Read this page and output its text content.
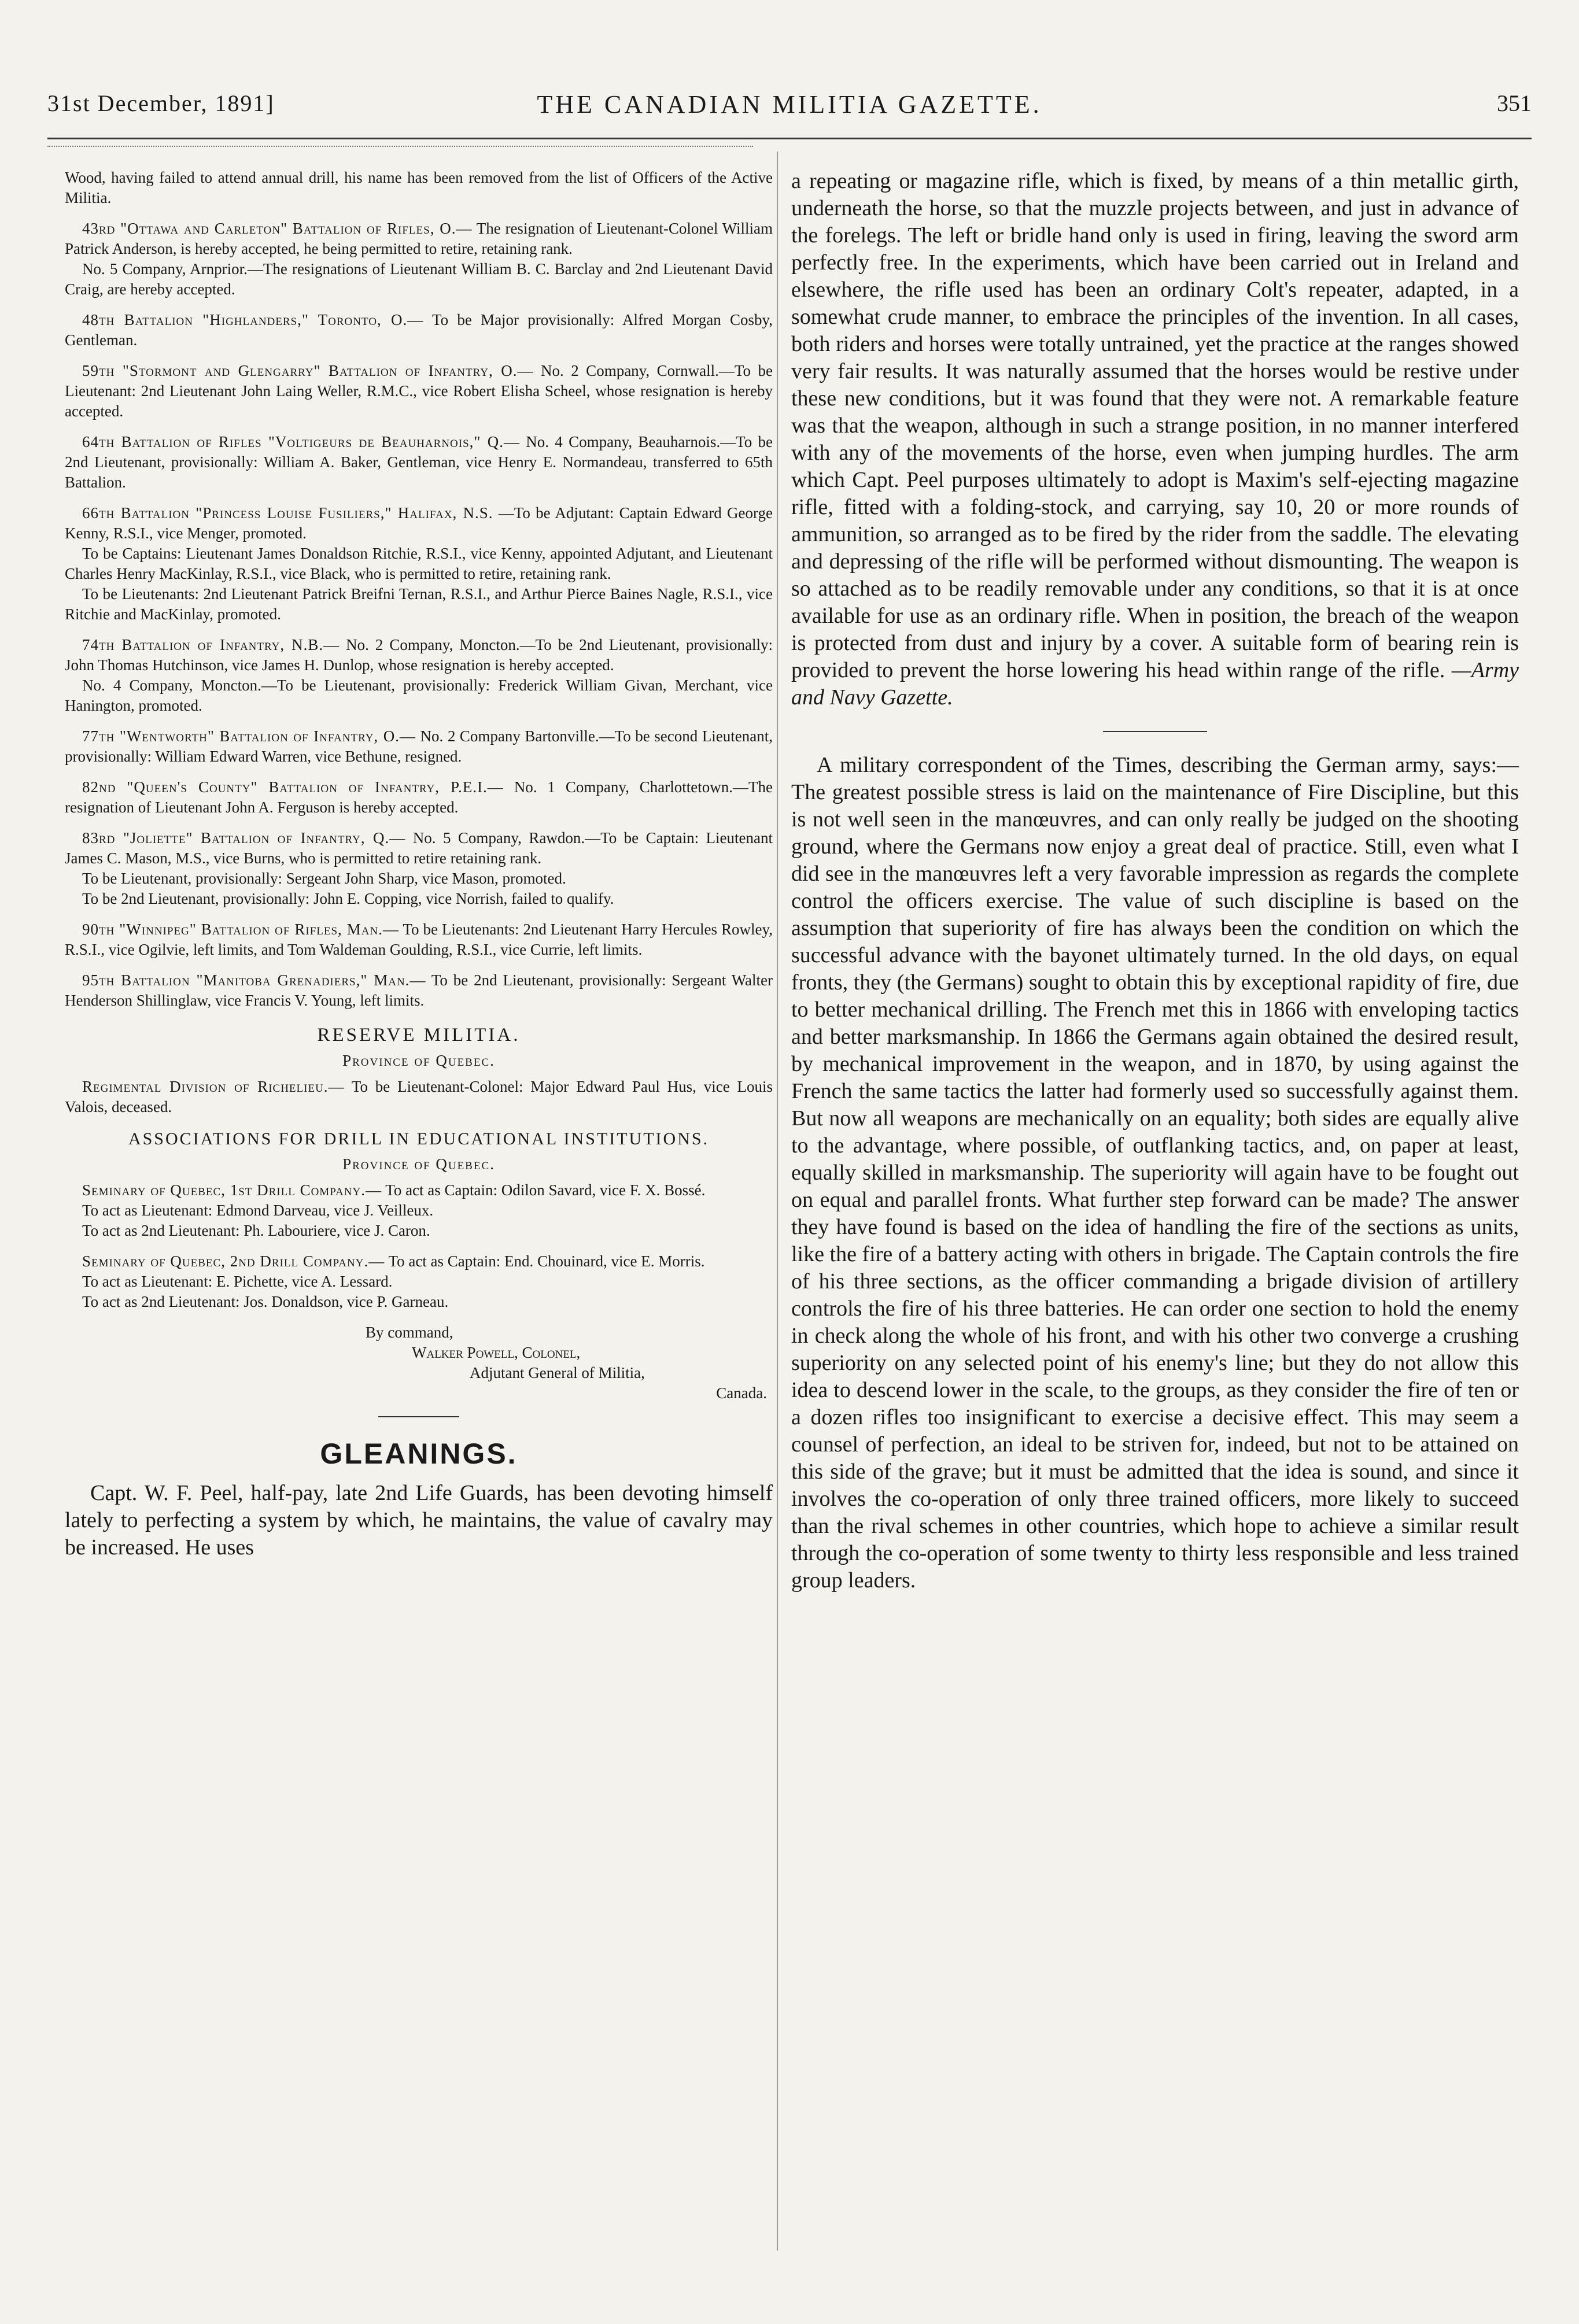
31st December, 1891]	THE CANADIAN MILITIA GAZETTE.	351
Wood, having failed to attend annual drill, his name has been removed from the list of Officers of the Active Militia.
43rd "Ottawa and Carleton" Battalion of Rifles, O.— The resignation of Lieutenant-Colonel William Patrick Anderson, is hereby accepted, he being permitted to retire, retaining rank.
No. 5 Company, Arnprior.—The resignations of Lieutenant William B. C. Barclay and 2nd Lieutenant David Craig, are hereby accepted.
48th Battalion "Highlanders," Toronto, O.— To be Major provisionally: Alfred Morgan Cosby, Gentleman.
59th "Stormont and Glengarry" Battalion of Infantry, O.— No. 2 Company, Cornwall.—To be Lieutenant: 2nd Lieutenant John Laing Weller, R.M.C., vice Robert Elisha Scheel, whose resignation is hereby accepted.
64th Battalion of Rifles "Voltigeurs de Beauharnois," Q.— No. 4 Company, Beauharnois.—To be 2nd Lieutenant, provisionally: William A. Baker, Gentleman, vice Henry E. Normandeau, transferred to 65th Battalion.
66th Battalion "Princess Louise Fusiliers," Halifax, N.S. —To be Adjutant: Captain Edward George Kenny, R.S.I., vice Menger, promoted.
To be Captains: Lieutenant James Donaldson Ritchie, R.S.I., vice Kenny, appointed Adjutant, and Lieutenant Charles Henry MacKinlay, R.S.I., vice Black, who is permitted to retire, retaining rank.
To be Lieutenants: 2nd Lieutenant Patrick Breifni Ternan, R.S.I., and Arthur Pierce Baines Nagle, R.S.I., vice Ritchie and MacKinlay, promoted.
74th Battalion of Infantry, N.B.— No. 2 Company, Moncton.—To be 2nd Lieutenant, provisionally: John Thomas Hutchinson, vice James H. Dunlop, whose resignation is hereby accepted.
No. 4 Company, Moncton.—To be Lieutenant, provisionally: Frederick William Givan, Merchant, vice Hanington, promoted.
77th "Wentworth" Battalion of Infantry, O.— No. 2 Company Bartonville.—To be second Lieutenant, provisionally: William Edward Warren, vice Bethune, resigned.
82nd "Queen's County" Battalion of Infantry, P.E.I.— No. 1 Company, Charlottetown.—The resignation of Lieutenant John A. Ferguson is hereby accepted.
83rd "Joliette" Battalion of Infantry, Q.— No. 5 Company, Rawdon.—To be Captain: Lieutenant James C. Mason, M.S., vice Burns, who is permitted to retire retaining rank.
To be Lieutenant, provisionally: Sergeant John Sharp, vice Mason, promoted.
To be 2nd Lieutenant, provisionally: John E. Copping, vice Norrish, failed to qualify.
90th "Winnipeg" Battalion of Rifles, Man.— To be Lieutenants: 2nd Lieutenant Harry Hercules Rowley, R.S.I., vice Ogilvie, left limits, and Tom Waldeman Goulding, R.S.I., vice Currie, left limits.
95th Battalion "Manitoba Grenadiers," Man.— To be 2nd Lieutenant, provisionally: Sergeant Walter Henderson Shillinglaw, vice Francis V. Young, left limits.
RESERVE MILITIA.
Province of Quebec.
Regimental Division of Richelieu.— To be Lieutenant-Colonel: Major Edward Paul Hus, vice Louis Valois, deceased.
ASSOCIATIONS FOR DRILL IN EDUCATIONAL INSTITUTIONS.
Province of Quebec.
Seminary of Quebec, 1st Drill Company.— To act as Captain: Odilon Savard, vice F. X. Bossé.
To act as Lieutenant: Edmond Darveau, vice J. Veilleux.
To act as 2nd Lieutenant: Ph. Labouriere, vice J. Caron.
Seminary of Quebec, 2nd Drill Company.— To act as Captain: End. Chouinard, vice E. Morris.
To act as Lieutenant: E. Pichette, vice A. Lessard.
To act as 2nd Lieutenant: Jos. Donaldson, vice P. Garneau.
By command,
Walker Powell, Colonel,
Adjutant General of Militia,
Canada.
GLEANINGS.

Capt. W. F. Peel, half-pay, late 2nd Life Guards, has been devoting himself lately to perfecting a system by which, he maintains, the value of cavalry may be increased. He uses

a repeating or magazine rifle, which is fixed, by means of a thin metallic girth, underneath the horse, so that the muzzle projects between, and just in advance of the forelegs. The left or bridle hand only is used in firing, leaving the sword arm perfectly free. In the experiments, which have been carried out in Ireland and elsewhere, the rifle used has been an ordinary Colt's repeater, adapted, in a somewhat crude manner, to embrace the principles of the invention. In all cases, both riders and horses were totally untrained, yet the practice at the ranges showed very fair results. It was naturally assumed that the horses would be restive under these new conditions, but it was found that they were not. A remarkable feature was that the weapon, although in such a strange position, in no manner interfered with any of the movements of the horse, even when jumping hurdles. The arm which Capt. Peel purposes ultimately to adopt is Maxim's self-ejecting magazine rifle, fitted with a folding-stock, and carrying, say 10, 20 or more rounds of ammunition, so arranged as to be fired by the rider from the saddle. The elevating and depressing of the rifle will be performed without dismounting. The weapon is so attached as to be readily removable under any conditions, so that it is at once available for use as an ordinary rifle. When in position, the breach of the weapon is protected from dust and injury by a cover. A suitable form of bearing rein is provided to prevent the horse lowering his head within range of the rifle. —Army and Navy Gazette.

A military correspondent of the Times, describing the German army, says:—The greatest possible stress is laid on the maintenance of Fire Discipline, but this is not well seen in the manœuvres, and can only really be judged on the shooting ground, where the Germans now enjoy a great deal of practice. Still, even what I did see in the manœuvres left a very favorable impression as regards the complete control the officers exercise. The value of such discipline is based on the assumption that superiority of fire has always been the condition on which the successful advance with the bayonet ultimately turned. In the old days, on equal fronts, they (the Germans) sought to obtain this by exceptional rapidity of fire, due to better mechanical drilling. The French met this in 1866 with enveloping tactics and better marksmanship. In 1866 the Germans again obtained the desired result, by mechanical improvement in the weapon, and in 1870, by using against the French the same tactics the latter had formerly used so successfully against them. But now all weapons are mechanically on an equality; both sides are equally alive to the advantage, where possible, of outflanking tactics, and, on paper at least, equally skilled in marksmanship. The superiority will again have to be fought out on equal and parallel fronts. What further step forward can be made? The answer they have found is based on the idea of handling the fire of the sections as units, like the fire of a battery acting with others in brigade. The Captain controls the fire of his three sections, as the officer commanding a brigade division of artillery controls the fire of his three batteries. He can order one section to hold the enemy in check along the whole of his front, and with his other two converge a crushing superiority on any selected point of his enemy's line; but they do not allow this idea to descend lower in the scale, to the groups, as they consider the fire of ten or a dozen rifles too insignificant to exercise a decisive effect. This may seem a counsel of perfection, an ideal to be striven for, indeed, but not to be attained on this side of the grave; but it must be admitted that the idea is sound, and since it involves the co-operation of only three trained officers, more likely to succeed than the rival schemes in other countries, which hope to achieve a similar result through the co-operation of some twenty to thirty less responsible and less trained group leaders.
